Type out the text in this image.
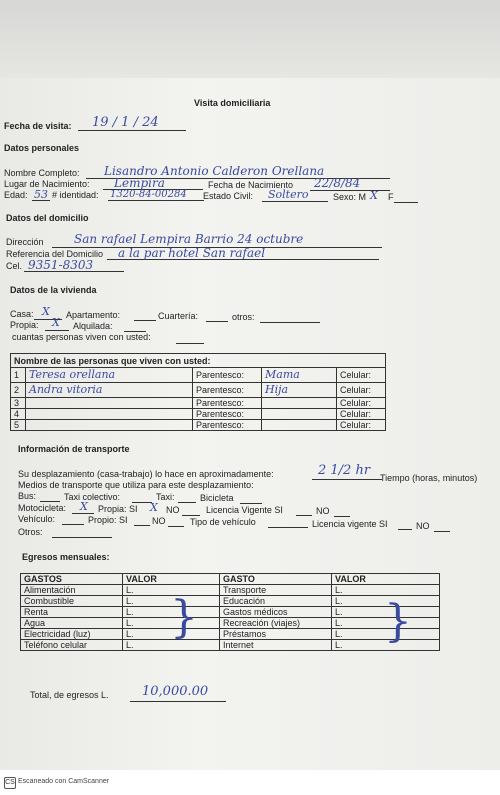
Visita domiciliaria
Fecha de visita: 19 / 1 / 24
Datos personales
Nombre Completo: Lisandro Antonio Calderon Orellana
Lugar de Nacimiento: Lempira	Fecha de Nacimiento 22/8/84
Edad: 53 # identidad: 1320-84-00284 Estado Civil: Soltero	Sexo: M X F
Datos del domicilio
Dirección	San rafael Lempira Barrio 24 octubre
Referencia del Domicilio a la par hotel San rafael
Cel. 9351-8303
Datos de la vivienda
Casa: X Apartamento:	Cuartería:	otros:
Propia: X Alquilada:
cuantas personas viven con usted:
Nombre de las personas que viven con usted:				
1	Teresa orellana	Parentesco:	Mama	Celular:
2	Andra vitoria	Parentesco:	Hija	Celular:
3		Parentesco:		Celular:
4		Parentesco:		Celular:
5		Parentesco:		Celular:
Información de transporte
Su desplazamiento (casa-trabajo) lo hace en aproximadamente:	2 1/2 hr Tiempo (horas, minutos)
Medios de transporte que utiliza para este desplazamiento:
Bus:	Taxi colectivo:	Taxi:	Bicicleta
Motocicleta: X Propia: SI X NO	Licencia Vigente SI	NO
Vehículo:	Propio: SI	NO	Tipo de vehículo	Licencia vigente SI	NO
Otros:
Egresos mensuales:
GASTOS	VALOR	GASTO	VALOR
Alimentación	L.	Transporte	L.
Combustible	L.	Educación	L.
Renta	L.	Gastos médicos	L.
Agua	L.	Recreación (viajes)	L.
Electricidad (luz)	L.	Préstamos	L.
Teléfono celular	L.	Internet	L.
}	}
Total, de egresos L.	10,000.00
CS Escaneado con CamScanner
